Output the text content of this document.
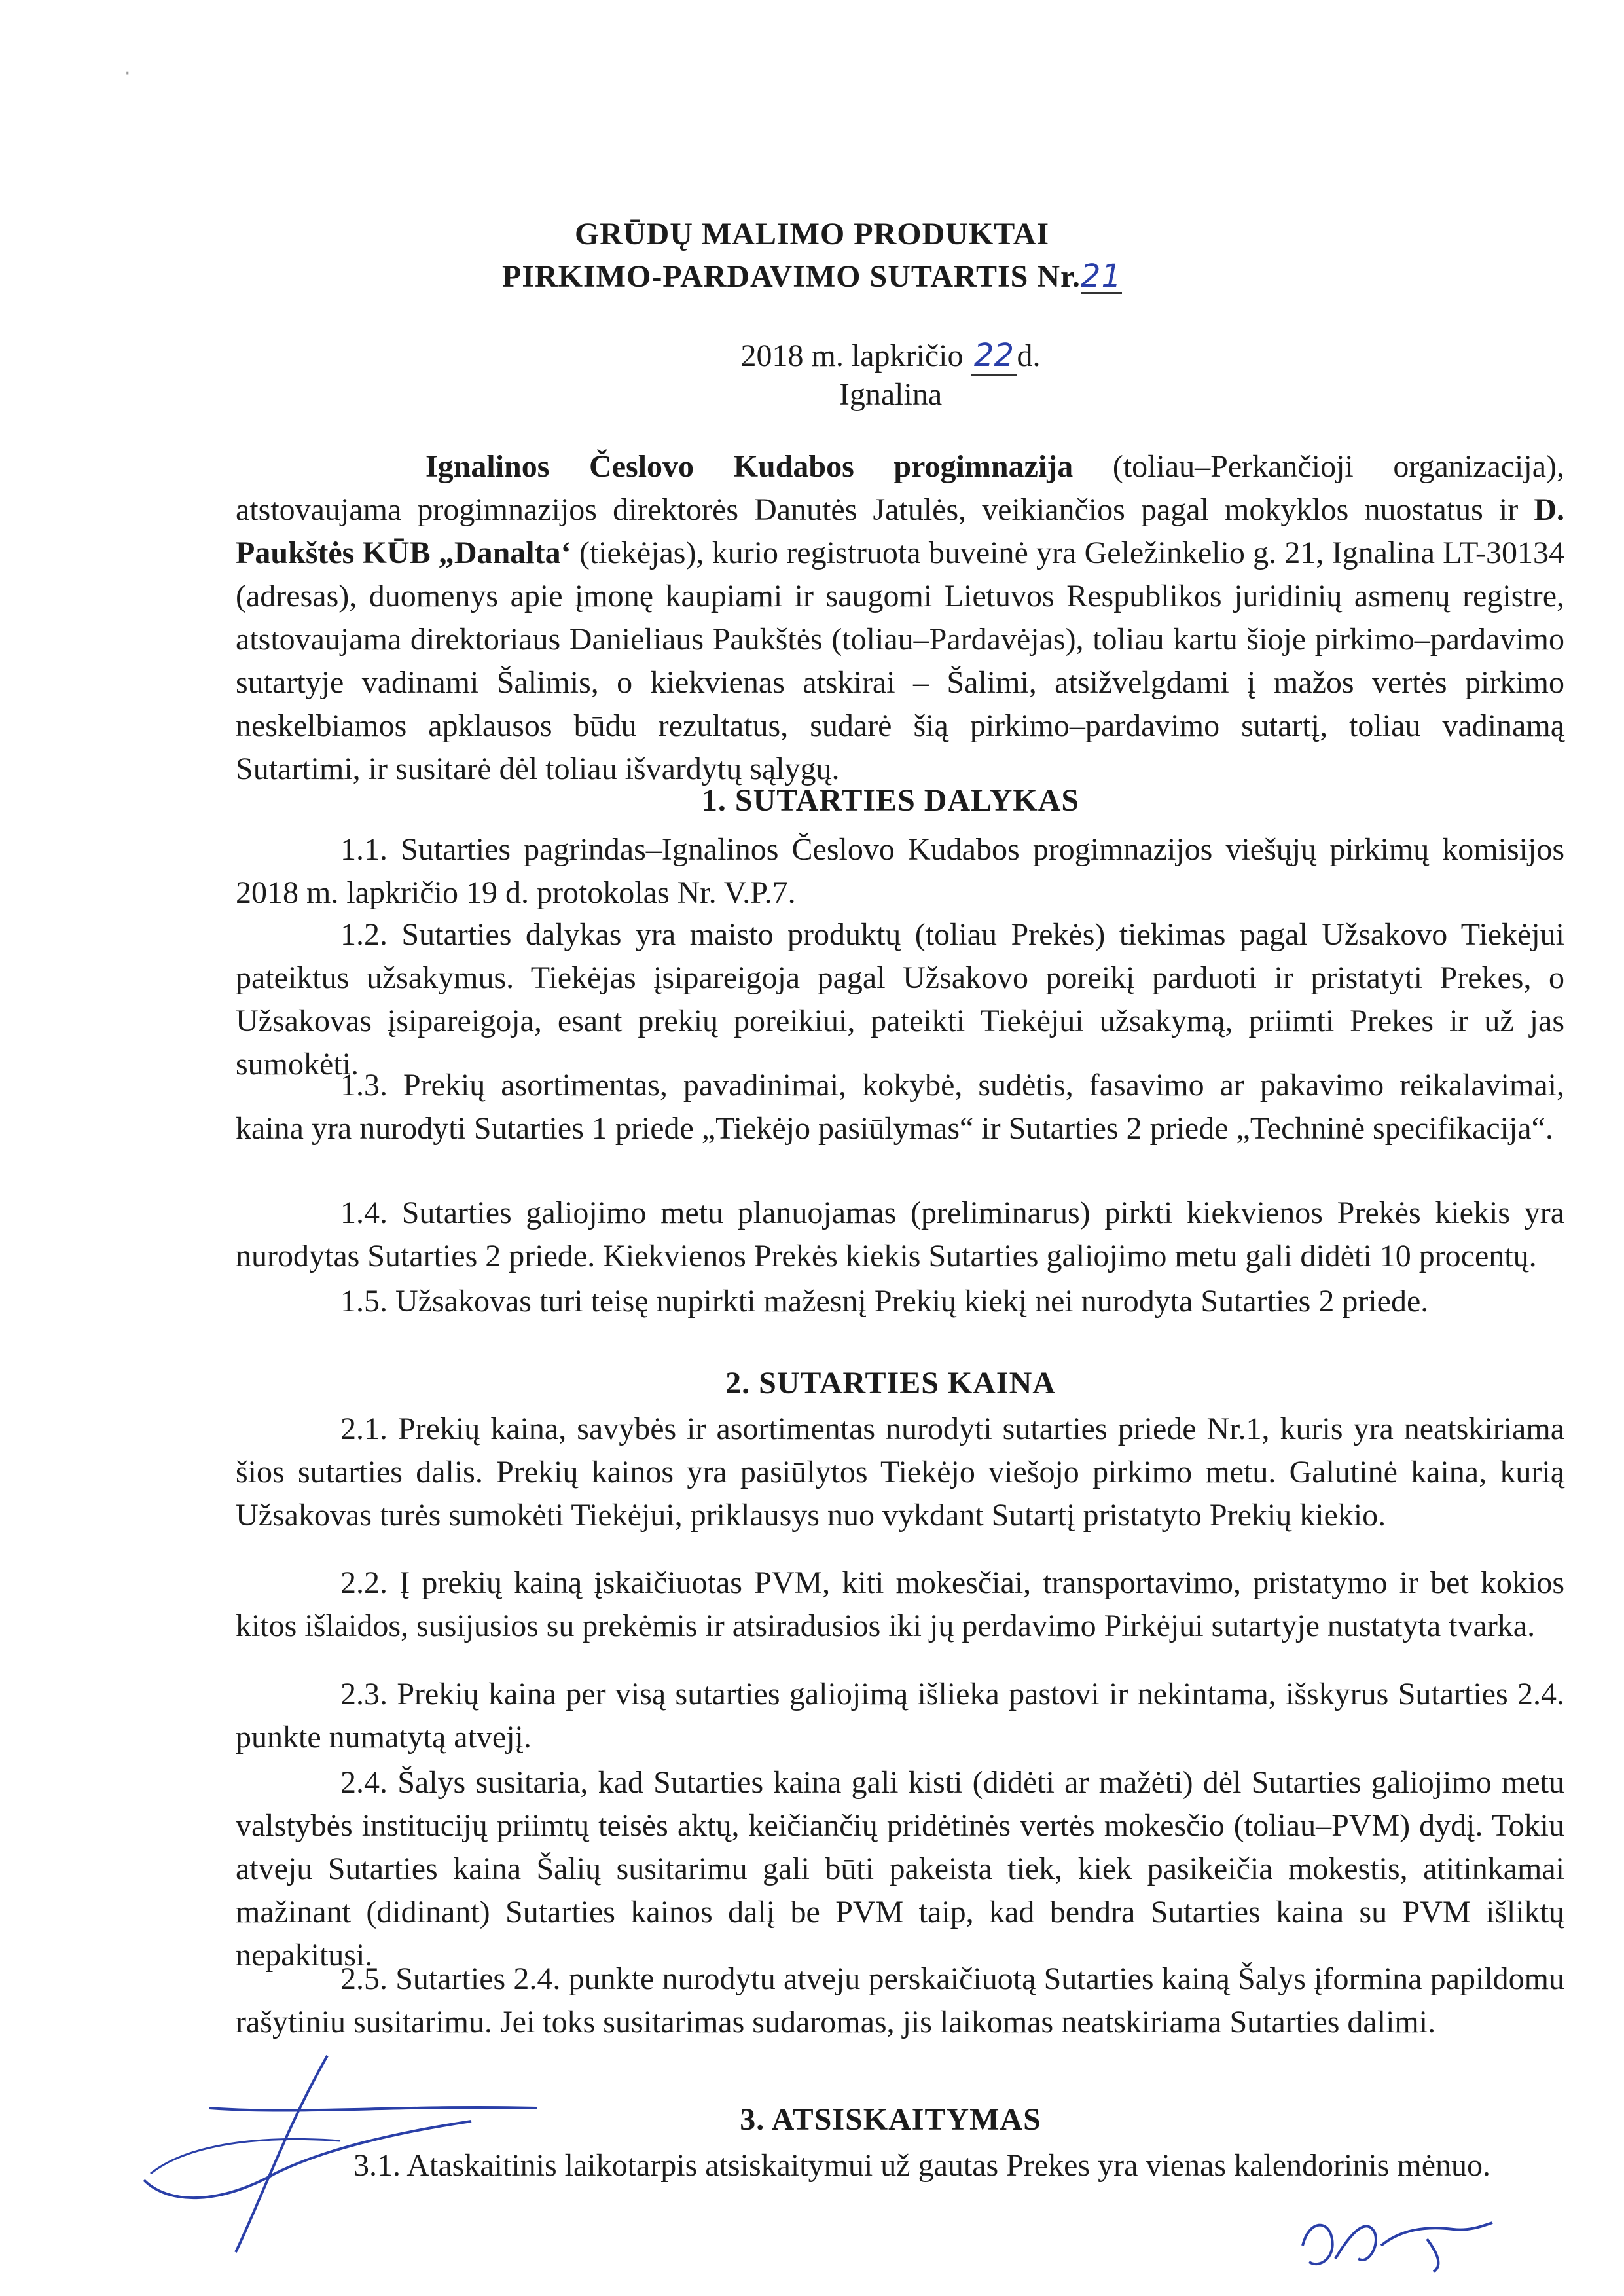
·
GRŪDŲ MALIMO PRODUKTAI
PIRKIMO-PARDAVIMO SUTARTIS Nr.21
2018 m. lapkričio 22d.
Ignalina
Ignalinos Česlovo Kudabos progimnazija (toliau–Perkančioji organizacija), atstovaujama progimnazijos direktorės Danutės Jatulės, veikiančios pagal mokyklos nuostatus ir D. Paukštės KŪB „Danalta‘ (tiekėjas), kurio registruota buveinė yra Geležinkelio g. 21, Ignalina LT-30134 (adresas), duomenys apie įmonę kaupiami ir saugomi Lietuvos Respublikos juridinių asmenų registre, atstovaujama direktoriaus Danieliaus Paukštės (toliau–Pardavėjas), toliau kartu šioje pirkimo–pardavimo sutartyje vadinami Šalimis, o kiekvienas atskirai – Šalimi, atsižvelgdami į mažos vertės pirkimo neskelbiamos apklausos būdu rezultatus, sudarė šią pirkimo–pardavimo sutartį, toliau vadinamą Sutartimi, ir susitarė dėl toliau išvardytų sąlygų.
1. SUTARTIES DALYKAS
1.1. Sutarties pagrindas–Ignalinos Česlovo Kudabos progimnazijos viešųjų pirkimų komisijos 2018 m. lapkričio 19 d. protokolas Nr. V.P.7.
1.2. Sutarties dalykas yra maisto produktų (toliau Prekės) tiekimas pagal Užsakovo Tiekėjui pateiktus užsakymus. Tiekėjas įsipareigoja pagal Užsakovo poreikį parduoti ir pristatyti Prekes, o Užsakovas įsipareigoja, esant prekių poreikiui, pateikti Tiekėjui užsakymą, priimti Prekes ir už jas sumokėti.
1.3. Prekių asortimentas, pavadinimai, kokybė, sudėtis, fasavimo ar pakavimo reikalavimai, kaina yra nurodyti Sutarties 1 priede „Tiekėjo pasiūlymas“ ir Sutarties 2 priede „Techninė specifikacija“.
1.4. Sutarties galiojimo metu planuojamas (preliminarus) pirkti kiekvienos Prekės kiekis yra nurodytas Sutarties 2 priede. Kiekvienos Prekės kiekis Sutarties galiojimo metu gali didėti 10 procentų.
1.5. Užsakovas turi teisę nupirkti mažesnį Prekių kiekį nei nurodyta Sutarties 2 priede.
2. SUTARTIES KAINA
2.1. Prekių kaina, savybės ir asortimentas nurodyti sutarties priede Nr.1, kuris yra neatskiriama šios sutarties dalis. Prekių kainos yra pasiūlytos Tiekėjo viešojo pirkimo metu. Galutinė kaina, kurią Užsakovas turės sumokėti Tiekėjui, priklausys nuo vykdant Sutartį pristatyto Prekių kiekio.
2.2. Į prekių kainą įskaičiuotas PVM, kiti mokesčiai, transportavimo, pristatymo ir bet kokios kitos išlaidos, susijusios su prekėmis ir atsiradusios iki jų perdavimo Pirkėjui sutartyje nustatyta tvarka.
2.3. Prekių kaina per visą sutarties galiojimą išlieka pastovi ir nekintama, išskyrus Sutarties 2.4. punkte numatytą atvejį.
2.4. Šalys susitaria, kad Sutarties kaina gali kisti (didėti ar mažėti) dėl Sutarties galiojimo metu valstybės institucijų priimtų teisės aktų, keičiančių pridėtinės vertės mokesčio (toliau–PVM) dydį. Tokiu atveju Sutarties kaina Šalių susitarimu gali būti pakeista tiek, kiek pasikeičia mokestis, atitinkamai mažinant (didinant) Sutarties kainos dalį be PVM taip, kad bendra Sutarties kaina su PVM išliktų nepakitusi.
2.5. Sutarties 2.4. punkte nurodytu atveju perskaičiuotą Sutarties kainą Šalys įformina papildomu rašytiniu susitarimu. Jei toks susitarimas sudaromas, jis laikomas neatskiriama Sutarties dalimi.
3. ATSISKAITYMAS
3.1. Ataskaitinis laikotarpis atsiskaitymui už gautas Prekes yra vienas kalendorinis mėnuo.
